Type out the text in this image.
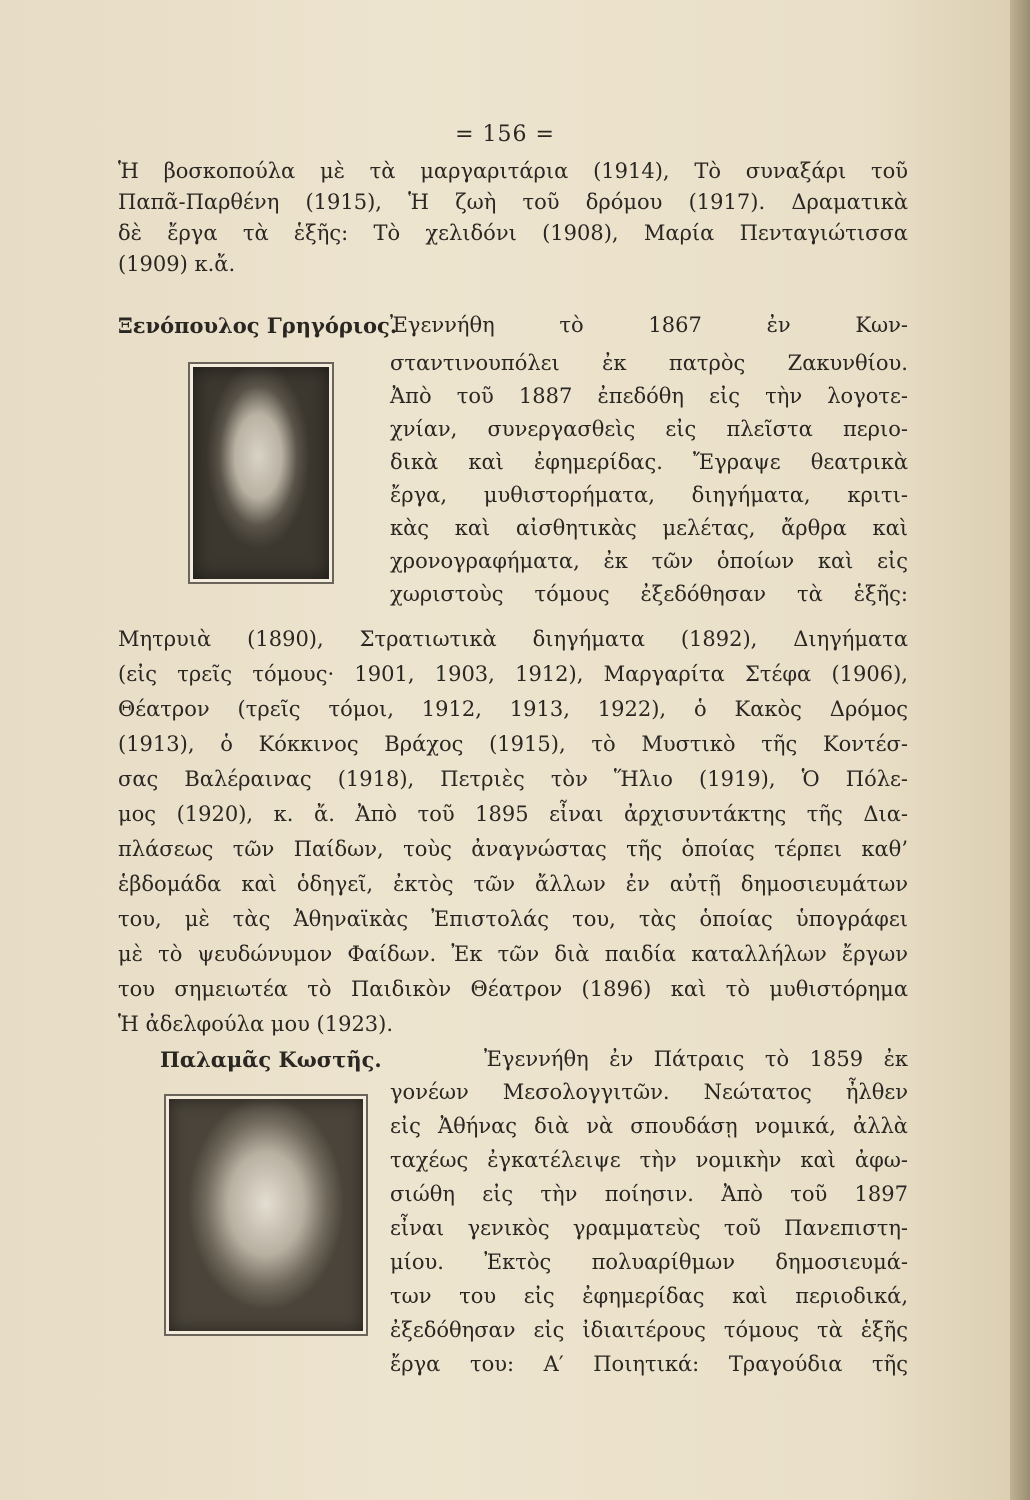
= 156 =
Ἡ βοσκοπούλα μὲ τὰ μαργαριτάρια (1914), Τὸ συναξάρι τοῦ
Παπᾶ-Παρθένη (1915), Ἡ ζωὴ τοῦ δρόμου (1917). Δραματικὰ
δὲ ἔργα τὰ ἑξῆς: Τὸ χελιδόνι (1908), Μαρία Πενταγιώτισσα
(1909) κ.ἄ.
Ξενόπουλος Γρηγόριος.
Ἐγεννήθη τὸ 1867 ἐν Κων-
σταντινουπόλει ἐκ πατρὸς Ζακυνθίου.
Ἀπὸ τοῦ 1887 ἐπεδόθη εἰς τὴν λογοτε-
χνίαν, συνεργασθεὶς εἰς πλεῖστα περιο-
δικὰ καὶ ἐφημερίδας. Ἔγραψε θεατρικὰ
ἔργα, μυθιστορήματα, διηγήματα, κριτι-
κὰς καὶ αἰσθητικὰς μελέτας, ἄρθρα καὶ
χρονογραφήματα, ἐκ τῶν ὁποίων καὶ εἰς
χωριστοὺς τόμους ἐξεδόθησαν τὰ ἑξῆς:
Μητρυιὰ (1890), Στρατιωτικὰ διηγήματα (1892), Διηγήματα
(εἰς τρεῖς τόμους· 1901, 1903, 1912), Μαργαρίτα Στέφα (1906),
Θέατρον (τρεῖς τόμοι, 1912, 1913, 1922), ὁ Κακὸς Δρόμος
(1913), ὁ Κόκκινος Βράχος (1915), τὸ Μυστικὸ τῆς Κοντέσ-
σας Βαλέραινας (1918), Πετριὲς τὸν Ἥλιο (1919), Ὁ Πόλε-
μος (1920), κ. ἄ. Ἀπὸ τοῦ 1895 εἶναι ἀρχισυντάκτης τῆς Δια-
πλάσεως τῶν Παίδων, τοὺς ἀναγνώστας τῆς ὁποίας τέρπει καθ’
ἑβδομάδα καὶ ὁδηγεῖ, ἐκτὸς τῶν ἄλλων ἐν αὐτῇ δημοσιευμάτων
του, μὲ τὰς Ἀθηναϊκὰς Ἐπιστολάς του, τὰς ὁποίας ὑπογράφει
μὲ τὸ ψευδώνυμον Φαίδων. Ἐκ τῶν διὰ παιδία καταλλήλων ἔργων
του σημειωτέα τὸ Παιδικὸν Θέατρον (1896) καὶ τὸ μυθιστόρημα
Ἡ ἀδελφούλα μου (1923).
Παλαμᾶς Κωστῆς.	Ἐγεννήθη ἐν Πάτραις τὸ 1859 ἐκ
γονέων Μεσολογγιτῶν. Νεώτατος ἦλθεν
εἰς Ἀθήνας διὰ νὰ σπουδάσῃ νομικά, ἀλλὰ
ταχέως ἐγκατέλειψε τὴν νομικὴν καὶ ἀφω-
σιώθη εἰς τὴν ποίησιν. Ἀπὸ τοῦ 1897
εἶναι γενικὸς γραμματεὺς τοῦ Πανεπιστη-
μίου. Ἐκτὸς πολυαρίθμων δημοσιευμά-
των του εἰς ἐφημερίδας καὶ περιοδικά,
ἐξεδόθησαν εἰς ἰδιαιτέρους τόμους τὰ ἑξῆς
ἔργα του: Α′ Ποιητικά: Τραγούδια τῆς
